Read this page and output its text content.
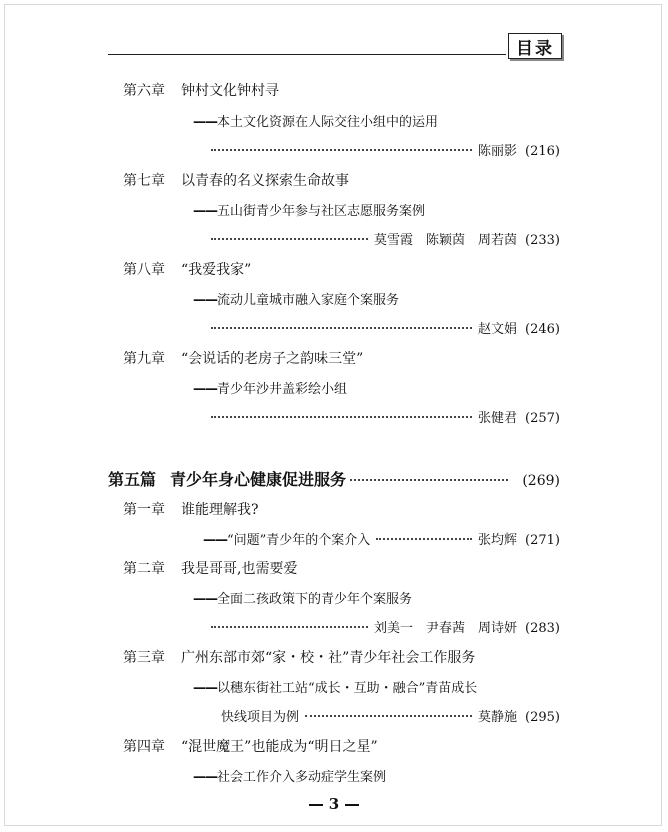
目录
第六章 钟村文化钟村寻
——本土文化资源在人际交往小组中的运用
陈丽影 (216)
第七章 以青春的名义探索生命故事
——五山街青少年参与社区志愿服务案例
莫雪霞　陈颖茵　周若茵 (233)
第八章 “我爱我家”
——流动儿童城市融入家庭个案服务
赵文娟 (246)
第九章 “会说话的老房子之韵味三堂”
——青少年沙井盖彩绘小组
张健君 (257)
第五篇 青少年身心健康促进服务	(269)
第一章 谁能理解我?
—— “问题”青少年的个案介入	张均辉 (271)
第二章 我是哥哥,也需要爱
——全面二孩政策下的青少年个案服务
刘美一　尹春茜　周诗妍 (283)
第三章 广州东部市郊“家・校・社”青少年社会工作服务
——以穗东街社工站“成长・互助・融合”青苗成长
快线项目为例	莫静施 (295)
第四章 “混世魔王”也能成为“明日之星”
——社会工作介入多动症学生案例
3
